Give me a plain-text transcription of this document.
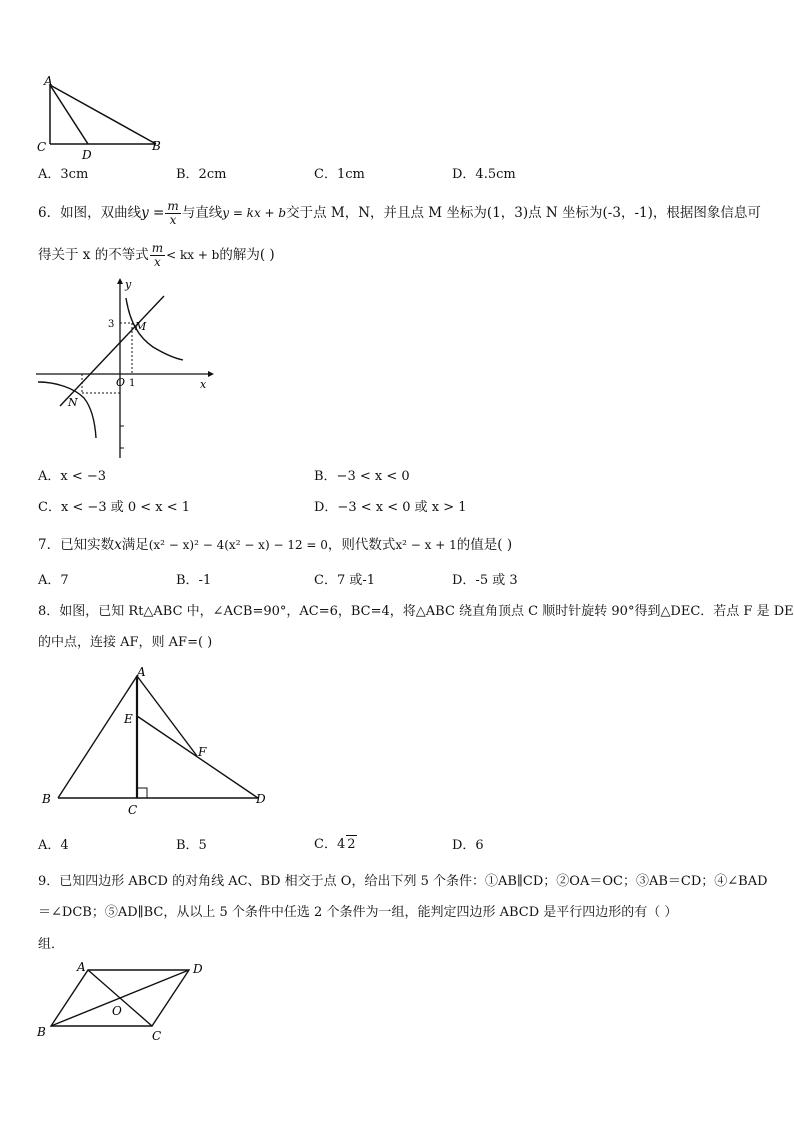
A
C
D
B
A．3cm	B．2cm	C．1cm	D．4.5cm
6．如图，双曲线$y = \frac{m}{x}$ 与直线y = kx + b交于点 M，N，并且点 M 坐标为(1，3)点 N 坐标为(-3，-1)，根据图象信息可
得关于 x 的不等式 $\frac{m}{x}$ < kx + b的解为( )
y
x
O 1
3 M
N
A．x < −3	B．−3 < x < 0
C．x < −3 或 0 < x < 1	D．−3 < x < 0 或 x > 1
7．已知实数x满足(x² − x)² − 4(x² − x) − 12 = 0，则代数式x² − x + 1的值是( )
A．7	B．-1	C．7 或-1	D．-5 或 3
8．如图，已知 Rt△ABC 中，∠ACB=90°，AC=6，BC=4，将△ABC 绕直角顶点 C 顺时针旋转 90°得到△DEC．若点 F 是 DE
的中点，连接 AF，则 AF=( )
A
E
F
B
C
D
A．4	B．5	C．4 2	D．6
9．已知四边形 ABCD 的对角线 AC、BD 相交于点 O，给出下列 5 个条件：①AB∥CD；②OA＝OC；③AB＝CD；④∠BAD
＝∠DCB；⑤AD∥BC，从以上 5 个条件中任选 2 个条件为一组，能判定四边形 ABCD 是平行四边形的有（ ）
组．
A	D
O
B	C
